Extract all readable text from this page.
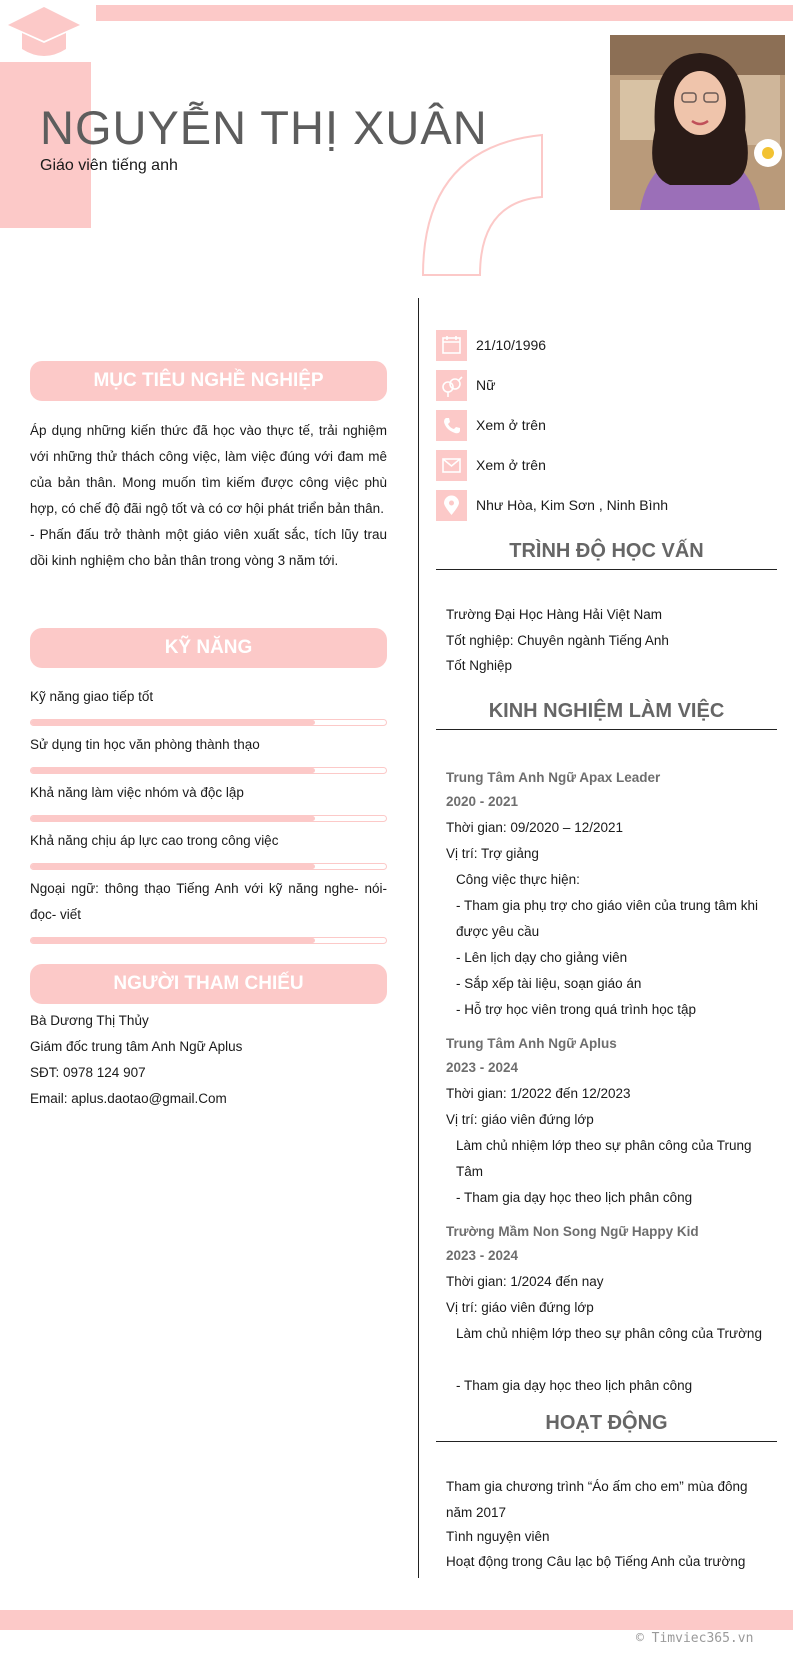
NGUYỄN THỊ XUÂN
Giáo viên tiếng anh
MỤC TIÊU NGHỀ NGHIỆP
Áp dụng những kiến thức đã học vào thực tế, trải nghiệm với những thử thách công việc, làm việc đúng với đam mê của bản thân. Mong muốn tìm kiếm được công việc phù hợp, có chế độ đãi ngộ tốt và có cơ hội phát triển bản thân.
- Phấn đấu trở thành một giáo viên xuất sắc, tích lũy trau dồi kinh nghiệm cho bản thân trong vòng 3 năm tới.
KỸ NĂNG
Kỹ năng giao tiếp tốt
Sử dụng tin học văn phòng thành thạo
Khả năng làm việc nhóm và độc lập
Khả năng chịu áp lực cao trong công việc
Ngoại ngữ: thông thạo Tiếng Anh với kỹ năng nghe- nói- đọc- viết
NGƯỜI THAM CHIẾU
Bà Dương Thị Thủy
Giám đốc trung tâm Anh Ngữ Aplus
SĐT: 0978 124 907
Email: aplus.daotao@gmail.Com
21/10/1996
Nữ
Xem ở trên
Xem ở trên
Như Hòa, Kim Sơn , Ninh Bình
TRÌNH ĐỘ HỌC VẤN
Trường Đại Học Hàng Hải Việt Nam
Tốt nghiệp: Chuyên ngành Tiếng Anh
Tốt Nghiệp
KINH NGHIỆM LÀM VIỆC
Trung Tâm Anh Ngữ Apax Leader
2020 - 2021
Thời gian: 09/2020 – 12/2021
Vị trí: Trợ giảng
Công việc thực hiện:
- Tham gia phụ trợ cho giáo viên của trung tâm khi được yêu cầu
- Lên lịch dạy cho giảng viên
- Sắp xếp tài liệu, soạn giáo án
- Hỗ trợ học viên trong quá trình học tập
Trung Tâm Anh Ngữ Aplus
2023 - 2024
Thời gian: 1/2022 đến 12/2023
Vị trí: giáo viên đứng lớp
Làm chủ nhiệm lớp theo sự phân công của Trung Tâm
- Tham gia dạy học theo lịch phân công
Trường Mầm Non Song Ngữ Happy Kid
2023 - 2024
Thời gian: 1/2024 đến nay
Vị trí: giáo viên đứng lớp
Làm chủ nhiệm lớp theo sự phân công của Trường
- Tham gia dạy học theo lịch phân công
HOẠT ĐỘNG
Tham gia chương trình “Áo ấm cho em” mùa đông năm 2017
Tình nguyện viên
Hoạt động trong Câu lạc bộ Tiếng Anh của trường
© Timviec365.vn
